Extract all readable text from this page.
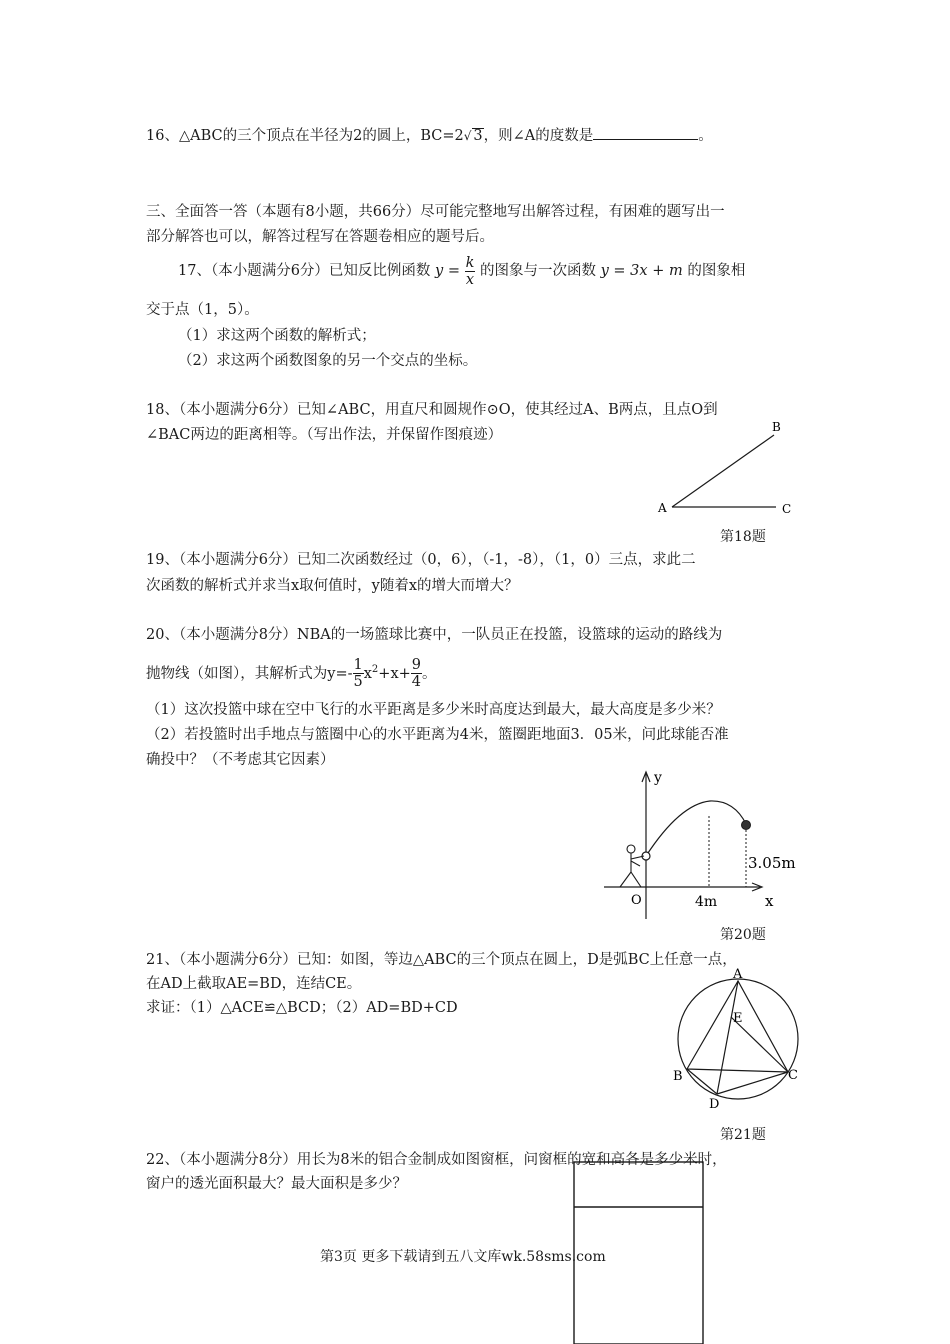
16、△ABC的三个顶点在半径为2的圆上，BC=2√ 3，则∠A的度数是	。
三、全面答一答（本题有8小题，共66分）尽可能完整地写出解答过程，有困难的题写出一
部分解答也可以，解答过程写在答题卷相应的题号后。
17、（本小题满分6分）已知反比例函数 $y = \frac{k}{x}$ 的图象与一次函数 y = 3x + m 的图象相
交于点（1，5）。
（1）求这两个函数的解析式；
（2）求这两个函数图象的另一个交点的坐标。
18、（本小题满分6分）已知∠ABC，用直尺和圆规作⊙O，使其经过A、B两点，且点O到
∠BAC两边的距离相等。（写出作法，并保留作图痕迹）
A
B
C
第18题
19、（本小题满分6分）已知二次函数经过（0，6），（-1，-8），（1，0）三点，求此二
次函数的解析式并求当x取何值时，y随着x的增大而增大？
20、（本小题满分8分）NBA的一场篮球比赛中，一队员正在投篮，设篮球的运动的路线为
抛物线（如图），其解析式为$y=- \frac{1}{5} x^2+x+ \frac{9}{4}$ 。
（1）这次投篮中球在空中飞行的水平距离是多少米时高度达到最大，最大高度是多少米？
（2）若投篮时出手地点与篮圈中心的水平距离为4米，篮圈距地面3．05米，问此球能否准
确投中？（不考虑其它因素）
y
x
O	4m
3.05m
第20题
21、（本小题满分6分）已知：如图，等边△ABC的三个顶点在圆上，D是弧BC上任意一点，
在AD上截取AE=BD，连结CE。
求证：（1）△ACE≌△BCD；（2）AD=BD+CD
A
E
B	C
D
第21题
22、（本小题满分8分）用长为8米的铝合金制成如图窗框，问窗框的宽和高各是多少米时，
窗户的透光面积最大？最大面积是多少？
第3页 更多下载请到五八文库wk.58sms.com
